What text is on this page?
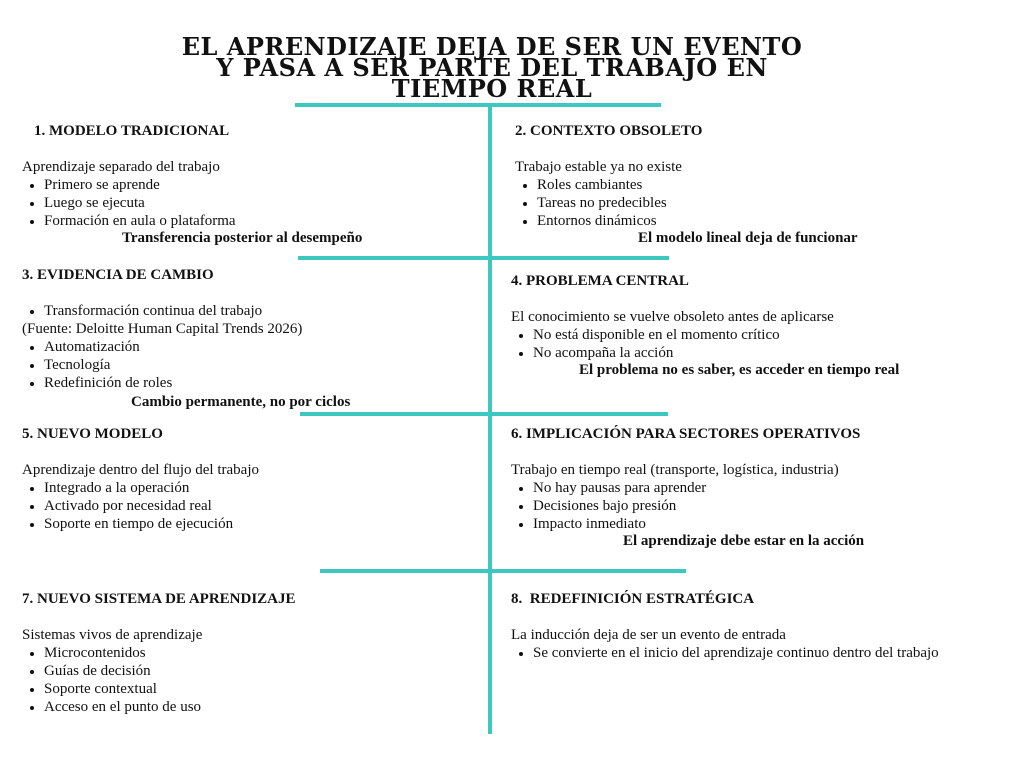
EL APRENDIZAJE DEJA DE SER UN EVENTO
Y PASA A SER PARTE DEL TRABAJO EN
TIEMPO REAL
1. MODELO TRADICIONAL
Aprendizaje separado del trabajo
• Primero se aprende
• Luego se ejecuta
• Formación en aula o plataforma
Transferencia posterior al desempeño
2. CONTEXTO OBSOLETO
Trabajo estable ya no existe
• Roles cambiantes
• Tareas no predecibles
• Entornos dinámicos
El modelo lineal deja de funcionar
3. EVIDENCIA DE CAMBIO
• Transformación continua del trabajo
(Fuente: Deloitte Human Capital Trends 2026)
• Automatización
• Tecnología
• Redefinición de roles
Cambio permanente, no por ciclos
4. PROBLEMA CENTRAL
El conocimiento se vuelve obsoleto antes de aplicarse
• No está disponible en el momento crítico
• No acompaña la acción
El problema no es saber, es acceder en tiempo real
5. NUEVO MODELO
Aprendizaje dentro del flujo del trabajo
• Integrado a la operación
• Activado por necesidad real
• Soporte en tiempo de ejecución
6. IMPLICACIÓN PARA SECTORES OPERATIVOS
Trabajo en tiempo real (transporte, logística, industria)
• No hay pausas para aprender
• Decisiones bajo presión
• Impacto inmediato
El aprendizaje debe estar en la acción
7. NUEVO SISTEMA DE APRENDIZAJE
Sistemas vivos de aprendizaje
• Microcontenidos
• Guías de decisión
• Soporte contextual
• Acceso en el punto de uso
8.  REDEFINICIÓN ESTRATÉGICA
La inducción deja de ser un evento de entrada
• Se convierte en el inicio del aprendizaje continuo dentro del trabajo
